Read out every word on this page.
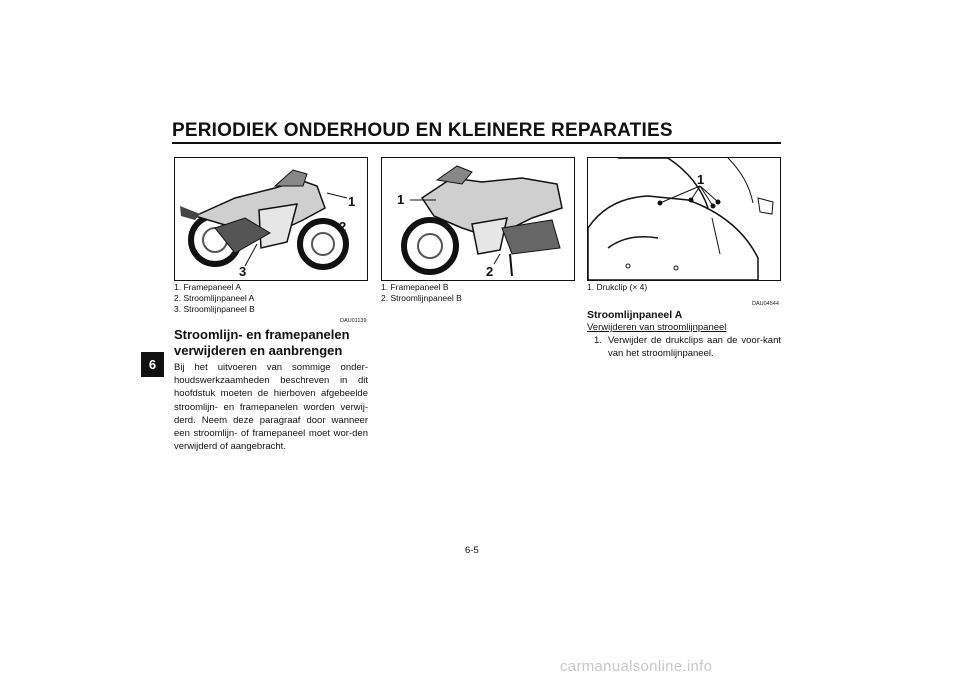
PERIODIEK ONDERHOUD EN KLEINERE REPARATIES
6
1
2
3
1. Framepaneel A
2. Stroomlijnpaneel A
3. Stroomlijnpaneel B
1
2
1. Framepaneel B
2. Stroomlijnpaneel B
1
1. Drukclip (× 4)
DAU01139
Stroomlijn- en framepanelen verwijderen en aanbrengen

Bij het uitvoeren van sommige onder-houdswerkzaamheden beschreven in dit hoofdstuk moeten de hierboven afgebeelde stroomlijn- en framepanelen worden verwij-derd. Neem deze paragraaf door wanneer een stroomlijn- of framepaneel moet wor-den verwijderd of aangebracht.

DAU04544
Stroomlijnpaneel A
Verwijderen van stroomlijnpaneel
1. Verwijder de drukclips aan de voor-kant van het stroomlijnpaneel.
6-5
carmanualsonline.info
